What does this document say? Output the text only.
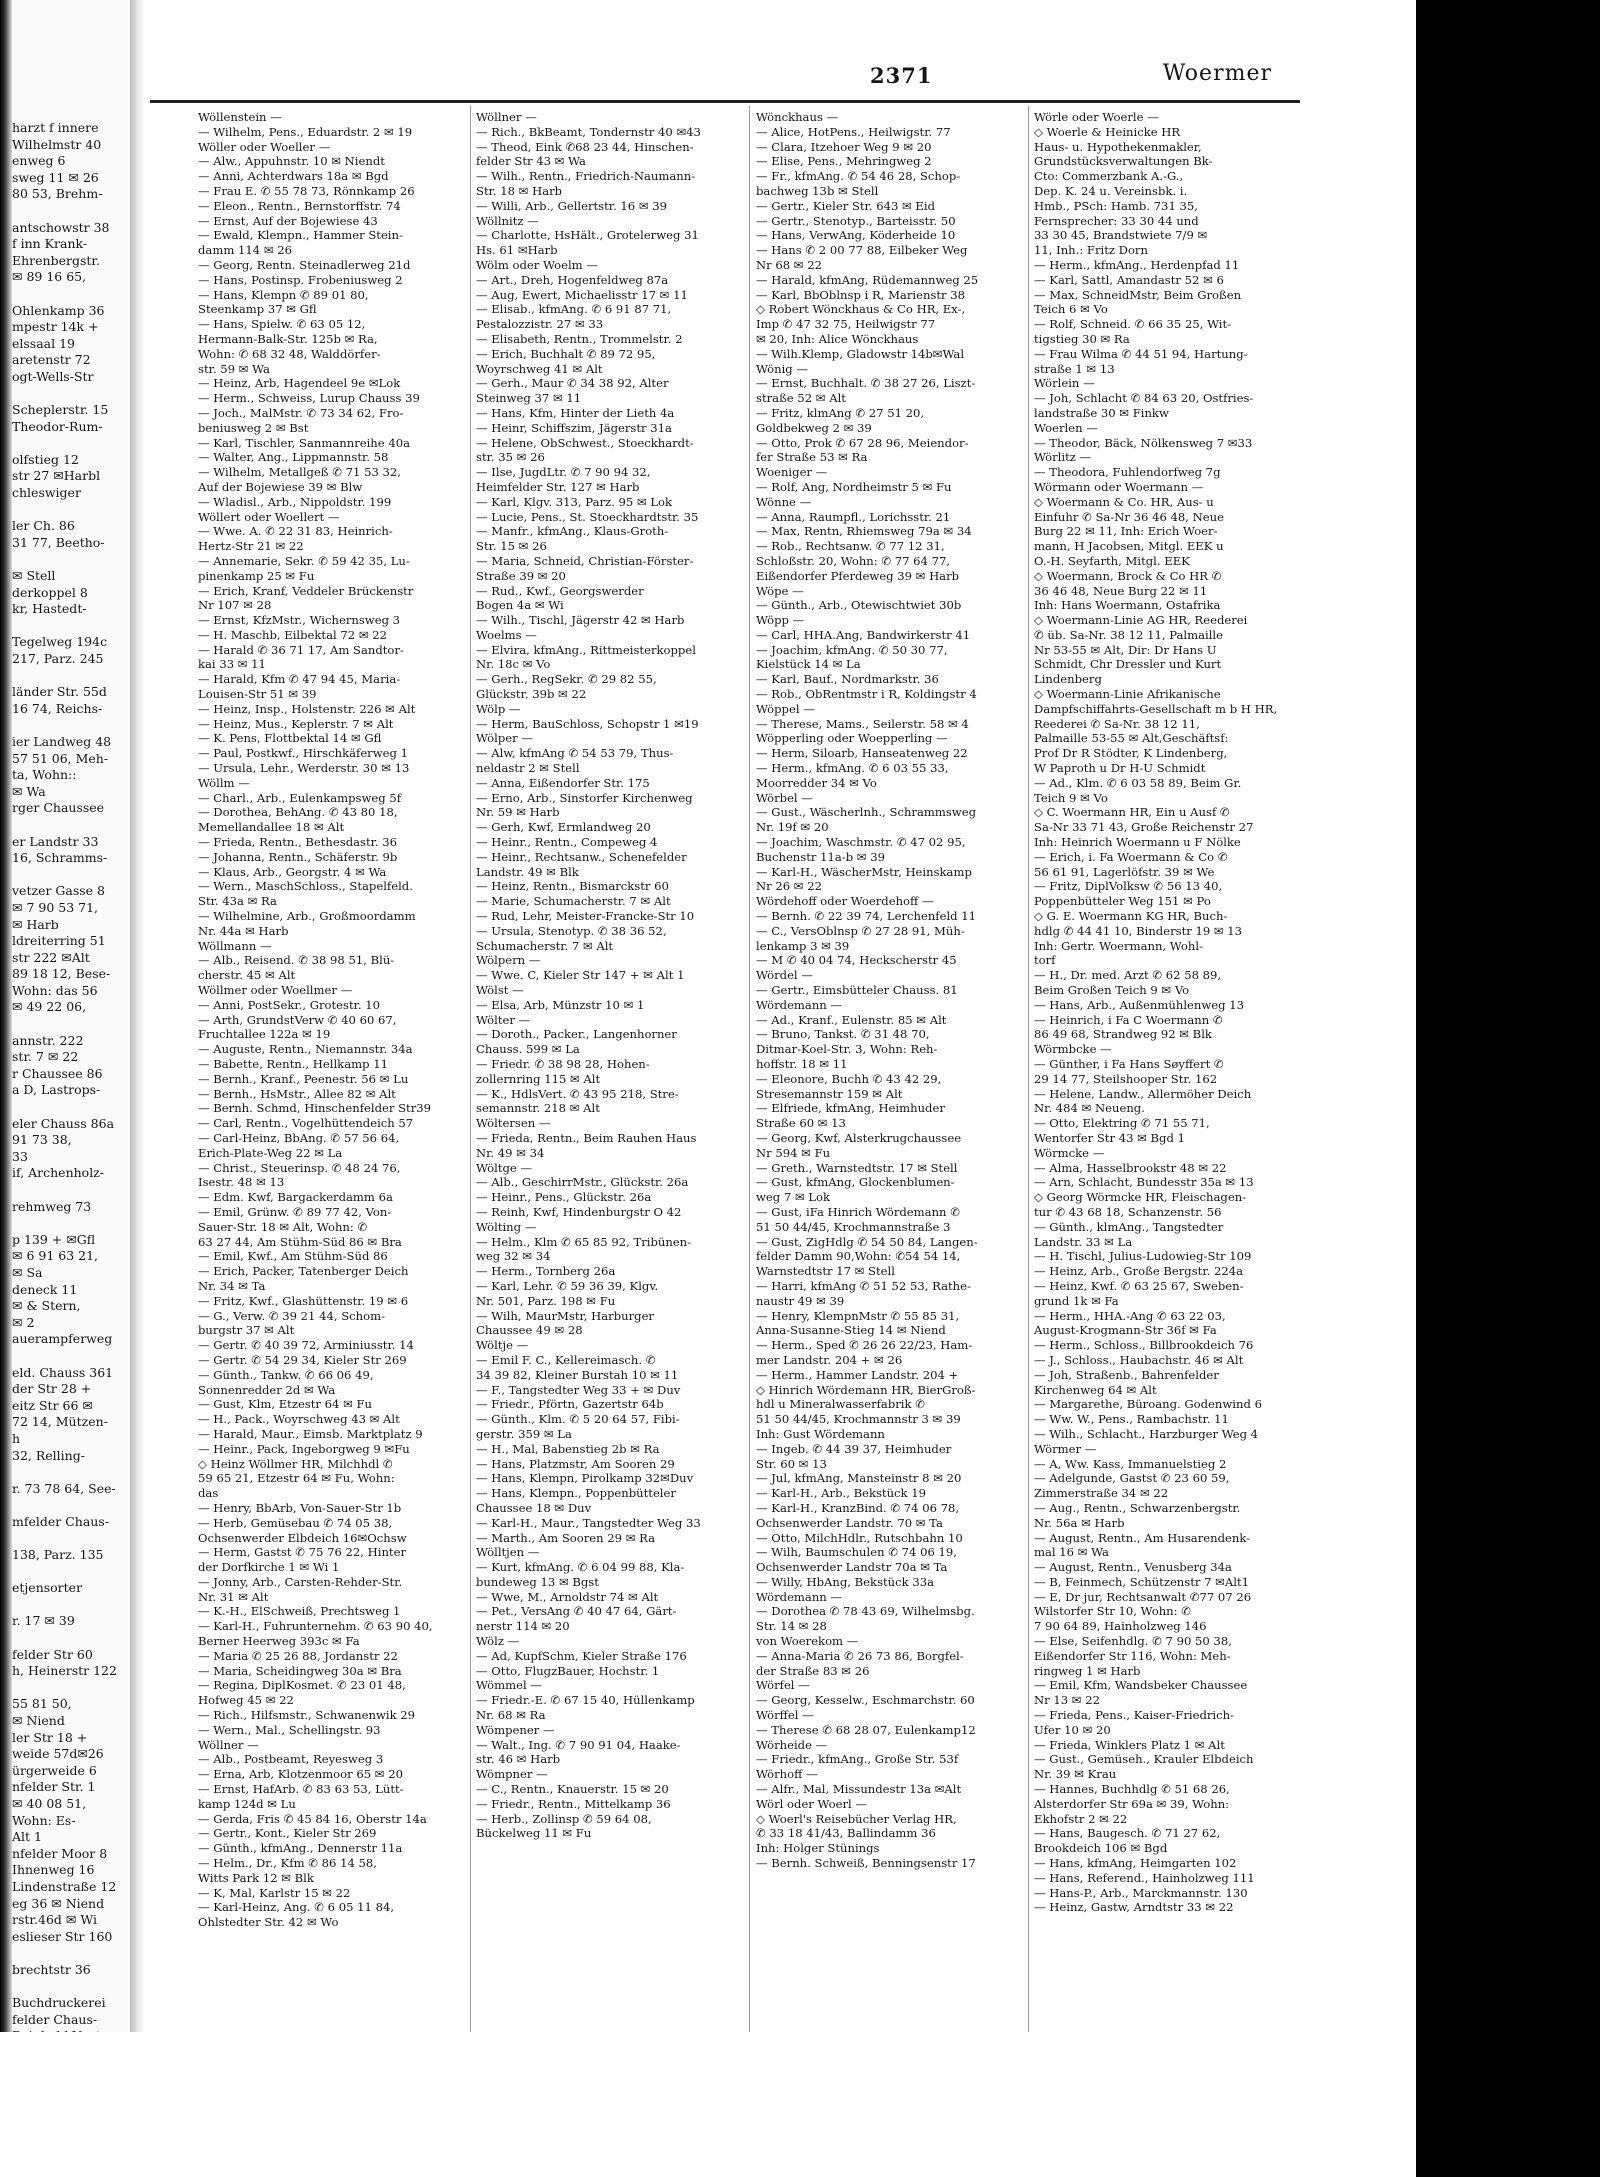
harzt f innere
Wilhelmstr 40
enweg 6
sweg 11 ✉ 26
80 53, Brehm-

antschowstr 38
f inn Krank-
Ehrenbergstr.
✉ 89 16 65,

Ohlenkamp 36
mpestr 14k +
elssaal 19
aretenstr 72
ogt-Wells-Str

Scheplerstr. 15
Theodor-Rum-

olfstieg 12
str 27 ✉Harbl
chleswiger

ler Ch. 86
31 77, Beetho-

✉ Stell
derkoppel 8
kr, Hastedt-

Tegelweg 194c
217, Parz. 245

länder Str. 55d
16 74, Reichs-

ier Landweg 48
57 51 06, Meh-
ta, Wohn::
✉ Wa
rger Chaussee

er Landstr 33
16, Schramms-

vetzer Gasse 8
✉ 7 90 53 71,
✉ Harb
ldreiterring 51
str 222 ✉Alt
89 18 12, Bese-
Wohn: das 56
✉ 49 22 06,

annstr. 222
str. 7 ✉ 22
r Chaussee 86
a D, Lastrops-

eler Chauss 86a
91 73 38,
33
if, Archenholz-

rehmweg 73

p 139 + ✉Gfl
✉ 6 91 63 21,
✉ Sa
deneck 11
✉ & Stern,
✉ 2
auerampferweg

eld. Chauss 361
der Str 28 +
eitz Str 66 ✉
72 14, Mützen-
h
32, Relling-

r. 73 78 64, See-

mfelder Chaus-

138, Parz. 135

etjensorter

r. 17 ✉ 39

felder Str 60
h, Heinerstr 122

55 81 50,
✉ Niend
ler Str 18 +
weide 57d✉26
ürgerweide 6
nfelder Str. 1
✉ 40 08 51,
Wohn: Es-
Alt 1
nfelder Moor 8
Ihnenweg 16
Lindenstraße 12
eg 36 ✉ Niend
rstr.46d ✉ Wi
eslieser Str 160

brechtstr 36

Buchdruckerei
felder Chaus-

2371	Woermer
Wöllenstein —
— Wilhelm, Pens., Eduardstr. 2 ✉ 19
Wöller oder Woeller —
— Alw., Appuhnstr. 10 ✉ Niendt
— Anni, Achterdwars 18a ✉ Bgd
— Frau E. ✆ 55 78 73, Rönnkamp 26
— Eleon., Rentn., Bernstorffstr. 74
— Ernst, Auf der Bojewiese 43
— Ewald, Klempn., Hammer Stein-
damm 114 ✉ 26
— Georg, Rentn. Steinadlerweg 21d
— Hans, Postinsp. Frobeniusweg 2
— Hans, Klempn ✆ 89 01 80,
Steenkamp 37 ✉ Gfl
— Hans, Spielw. ✆ 63 05 12,
Hermann-Balk-Str. 125b ✉ Ra,
Wohn: ✆ 68 32 48, Walddörfer-
str. 59 ✉ Wa
— Heinz, Arb, Hagendeel 9e ✉Lok
— Herm., Schweiss, Lurup Chauss 39
— Joch., MalMstr. ✆ 73 34 62, Fro-
beniusweg 2 ✉ Bst
— Karl, Tischler, Sanmannreihe 40a
— Walter, Ang., Lippmannstr. 58
— Wilhelm, Metallgeß ✆ 71 53 32,
Auf der Bojewiese 39 ✉ Blw
— Wladisl., Arb., Nippoldstr. 199
Wöllert oder Woellert —
— Wwe. A. ✆ 22 31 83, Heinrich-
Hertz-Str 21 ✉ 22
— Annemarie, Sekr. ✆ 59 42 35, Lu-
pinenkamp 25 ✉ Fu
— Erich, Kranf, Veddeler Brückenstr
Nr 107 ✉ 28
— Ernst, KfzMstr., Wichernsweg 3
— H. Maschb, Eilbektal 72 ✉ 22
— Harald ✆ 36 71 17, Am Sandtor-
kai 33 ✉ 11
— Harald, Kfm ✆ 47 94 45, Maria-
Louisen-Str 51 ✉ 39
— Heinz, Insp., Holstenstr. 226 ✉ Alt
— Heinz, Mus., Keplerstr. 7 ✉ Alt
— K. Pens, Flottbektal 14 ✉ Gfl
— Paul, Postkwf., Hirschkäferweg 1
— Ursula, Lehr., Werderstr. 30 ✉ 13
Wöllm —
— Charl., Arb., Eulenkampsweg 5f
— Dorothea, BehAng. ✆ 43 80 18,
Memellandallee 18 ✉ Alt
— Frieda, Rentn., Bethesdastr. 36
— Johanna, Rentn., Schäferstr. 9b
— Klaus, Arb., Georgstr. 4 ✉ Wa
— Wern., MaschSchloss., Stapelfeld.
Str. 43a ✉ Ra
— Wilhelmine, Arb., Großmoordamm
Nr. 44a ✉ Harb
Wöllmann —
— Alb., Reisend. ✆ 38 98 51, Blü-
cherstr. 45 ✉ Alt
Wöllmer oder Woellmer —
— Anni, PostSekr., Grotestr. 10
— Arth, GrundstVerw ✆ 40 60 67,
Fruchtallee 122a ✉ 19
— Auguste, Rentn., Niemannstr. 34a
— Babette, Rentn., Hellkamp 11
— Bernh., Kranf., Peenestr. 56 ✉ Lu
— Bernh., HsMstr., Allee 82 ✉ Alt
— Bernh. Schmd, Hinschenfelder Str39
— Carl, Rentn., Vogelhüttendeich 57
— Carl-Heinz, BbAng. ✆ 57 56 64,
Erich-Plate-Weg 22 ✉ La
— Christ., Steuerinsp. ✆ 48 24 76,
Isestr. 48 ✉ 13
— Edm. Kwf, Bargackerdamm 6a
— Emil, Grünw. ✆ 89 77 42, Von-
Sauer-Str. 18 ✉ Alt, Wohn: ✆
63 27 44, Am Stühm-Süd 86 ✉ Bra
— Emil, Kwf., Am Stühm-Süd 86
— Erich, Packer, Tatenberger Deich
Nr. 34 ✉ Ta
— Fritz, Kwf., Glashüttenstr. 19 ✉ 6
— G., Verw. ✆ 39 21 44, Schom-
burgstr 37 ✉ Alt
— Gertr. ✆ 40 39 72, Arminiusstr. 14
— Gertr. ✆ 54 29 34, Kieler Str 269
— Günth., Tankw. ✆ 66 06 49,
Sonnenredder 2d ✉ Wa
— Gust, Klm, Etzestr 64 ✉ Fu
— H., Pack., Woyrschweg 43 ✉ Alt
— Harald, Maur., Eimsb. Marktplatz 9
— Heinr., Pack, Ingeborgweg 9 ✉Fu
◇ Heinz Wöllmer HR, Milchhdl ✆
59 65 21, Etzestr 64 ✉ Fu, Wohn:
das
— Henry, BbArb, Von-Sauer-Str 1b
— Herb, Gemüsebau ✆ 74 05 38,
Ochsenwerder Elbdeich 16✉Ochsw
— Herm, Gastst ✆ 75 76 22, Hinter
der Dorfkirche 1 ✉ Wi 1
— Jonny, Arb., Carsten-Rehder-Str.
Nr. 31 ✉ Alt
— K.-H., ElSchweiß, Prechtsweg 1
— Karl-H., Fuhrunternehm. ✆ 63 90 40,
Berner Heerweg 393c ✉ Fa
— Maria ✆ 25 26 88, Jordanstr 22
— Maria, Scheidingweg 30a ✉ Bra
— Regina, DiplKosmet. ✆ 23 01 48,
Hofweg 45 ✉ 22
— Rich., Hilfsmstr., Schwanenwik 29
— Wern., Mal., Schellingstr. 93
Wöllner —
— Alb., Postbeamt, Reyesweg 3
— Erna, Arb, Klotzenmoor 65 ✉ 20
— Ernst, HafArb. ✆ 83 63 53, Lütt-
kamp 124d ✉ Lu
— Gerda, Fris ✆ 45 84 16, Oberstr 14a
— Gertr., Kont., Kieler Str 269
— Günth., kfmAng., Dennerstr 11a
— Helm., Dr., Kfm ✆ 86 14 58,
Witts Park 12 ✉ Blk
— K, Mal, Karlstr 15 ✉ 22
— Karl-Heinz, Ang. ✆ 6 05 11 84,
Ohlstedter Str. 42 ✉ Wo
Wöllner —
— Rich., BkBeamt, Tondernstr 40 ✉43
— Theod, Eink ✆68 23 44, Hinschen-
felder Str 43 ✉ Wa
— Wilh., Rentn., Friedrich-Naumann-
Str. 18 ✉ Harb
— Willi, Arb., Gellertstr. 16 ✉ 39
Wöllnitz —
— Charlotte, HsHält., Grotelerweg 31
Hs. 61 ✉Harb
Wölm oder Woelm —
— Art., Dreh, Hogenfeldweg 87a
— Aug, Ewert, Michaelisstr 17 ✉ 11
— Elisab., kfmAng. ✆ 6 91 87 71,
Pestalozzistr. 27 ✉ 33
— Elisabeth, Rentn., Trommelstr. 2
— Erich, Buchhalt ✆ 89 72 95,
Woyrschweg 41 ✉ Alt
— Gerh., Maur ✆ 34 38 92, Alter
Steinweg 37 ✉ 11
— Hans, Kfm, Hinter der Lieth 4a
— Heinr, Schiffszim, Jägerstr 31a
— Helene, ObSchwest., Stoeckhardt-
str. 35 ✉ 26
— Ilse, JugdLtr. ✆ 7 90 94 32,
Heimfelder Str. 127 ✉ Harb
— Karl, Klgv. 313, Parz. 95 ✉ Lok
— Lucie, Pens., St. Stoeckhardtstr. 35
— Manfr., kfmAng., Klaus-Groth-
Str. 15 ✉ 26
— Maria, Schneid, Christian-Förster-
Straße 39 ✉ 20
— Rud., Kwf., Georgswerder
Bogen 4a ✉ Wi
— Wilh., Tischl, Jägerstr 42 ✉ Harb
Woelms —
— Elvira, kfmAng., Rittmeisterkoppel
Nr. 18c ✉ Vo
— Gerh., RegSekr. ✆ 29 82 55,
Glückstr. 39b ✉ 22
Wölp —
— Herm, BauSchloss, Schopstr 1 ✉19
Wölper —
— Alw, kfmAng ✆ 54 53 79, Thus-
neldastr 2 ✉ Stell
— Anna, Eißendorfer Str. 175
— Erno, Arb., Sinstorfer Kirchenweg
Nr. 59 ✉ Harb
— Gerh, Kwf, Ermlandweg 20
— Heinr., Rentn., Compeweg 4
— Heinr., Rechtsanw., Schenefelder
Landstr. 49 ✉ Blk
— Heinz, Rentn., Bismarckstr 60
— Marie, Schumacherstr. 7 ✉ Alt
— Rud, Lehr, Meister-Francke-Str 10
— Ursula, Stenotyp. ✆ 38 36 52,
Schumacherstr. 7 ✉ Alt
Wölpern —
— Wwe. C, Kieler Str 147 + ✉ Alt 1
Wölst —
— Elsa, Arb, Münzstr 10 ✉ 1
Wölter —
— Doroth., Packer., Langenhorner
Chauss. 599 ✉ La
— Friedr. ✆ 38 98 28, Hohen-
zollernring 115 ✉ Alt
— K., HdlsVert. ✆ 43 95 218, Stre-
semannstr. 218 ✉ Alt
Wöltersen —
— Frieda, Rentn., Beim Rauhen Haus
Nr. 49 ✉ 34
Wöltge —
— Alb., GeschirrMstr., Glückstr. 26a
— Heinr., Pens., Glückstr. 26a
— Reinh, Kwf, Hindenburgstr O 42
Wölting —
— Helm., Klm ✆ 65 85 92, Tribünen-
weg 32 ✉ 34
— Herm., Tornberg 26a
— Karl, Lehr. ✆ 59 36 39, Klgv.
Nr. 501, Parz. 198 ✉ Fu
— Wilh, MaurMstr, Harburger
Chaussee 49 ✉ 28
Wöltje —
— Emil F. C., Kellereimasch. ✆
34 39 82, Kleiner Burstah 10 ✉ 11
— F., Tangstedter Weg 33 + ✉ Duv
— Friedr., Pförtn, Gazertstr 64b
— Günth., Klm. ✆ 5 20 64 57, Fibi-
gerstr. 359 ✉ La
— H., Mal, Babenstieg 2b ✉ Ra
— Hans, Platzmstr, Am Sooren 29
— Hans, Klempn, Pirolkamp 32✉Duv
— Hans, Klempn., Poppenbütteler
Chaussee 18 ✉ Duv
— Karl-H., Maur., Tangstedter Weg 33
— Marth., Am Sooren 29 ✉ Ra
Wölltjen —
— Kurt, kfmAng. ✆ 6 04 99 88, Kla-
bundeweg 13 ✉ Bgst
— Wwe, M., Arnoldstr 74 ✉ Alt
— Pet., VersAng ✆ 40 47 64, Gärt-
nerstr 114 ✉ 20
Wölz —
— Ad, KupfSchm, Kieler Straße 176
— Otto, FlugzBauer, Hochstr. 1
Wömmel —
— Friedr.-E. ✆ 67 15 40, Hüllenkamp
Nr. 68 ✉ Ra
Wömpener —
— Walt., Ing. ✆ 7 90 91 04, Haake-
str. 46 ✉ Harb
Wömpner —
— C., Rentn., Knauerstr. 15 ✉ 20
— Friedr., Rentn., Mittelkamp 36
— Herb., Zollinsp ✆ 59 64 08,
Bückelweg 11 ✉ Fu
Wönckhaus —
— Alice, HotPens., Heilwigstr. 77
— Clara, Itzehoer Weg 9 ✉ 20
— Elise, Pens., Mehringweg 2
— Fr., kfmAng. ✆ 54 46 28, Schop-
bachweg 13b ✉ Stell
— Gertr., Kieler Str. 643 ✉ Eid
— Gertr., Stenotyp., Barteisstr. 50
— Hans, VerwAng, Köderheide 10
— Hans ✆ 2 00 77 88, Eilbeker Weg
Nr 68 ✉ 22
— Harald, kfmAng, Rüdemannweg 25
— Karl, BbOblnsp i R, Marienstr 38
◇ Robert Wönckhaus & Co HR, Ex-,
Imp ✆ 47 32 75, Heilwigstr 77
✉ 20, Inh: Alice Wönckhaus
— Wilh.Klemp, Gladowstr 14b✉Wal
Wönig —
— Ernst, Buchhalt. ✆ 38 27 26, Liszt-
straße 52 ✉ Alt
— Fritz, klmAng ✆ 27 51 20,
Goldbekweg 2 ✉ 39
— Otto, Prok ✆ 67 28 96, Meiendor-
fer Straße 53 ✉ Ra
Woeniger —
— Rolf, Ang, Nordheimstr 5 ✉ Fu
Wönne —
— Anna, Raumpfl., Lorichsstr. 21
— Max, Rentn, Rhiemsweg 79a ✉ 34
— Rob., Rechtsanw. ✆ 77 12 31,
Schloßstr. 20, Wohn: ✆ 77 64 77,
Eißendorfer Pferdeweg 39 ✉ Harb
Wöpe —
— Günth., Arb., Otewischtwiet 30b
Wöpp —
— Carl, HHA.Ang, Bandwirkerstr 41
— Joachim, kfmAng. ✆ 50 30 77,
Kielstück 14 ✉ La
— Karl, Bauf., Nordmarkstr. 36
— Rob., ObRentmstr i R, Koldingstr 4
Wöppel —
— Therese, Mams., Seilerstr. 58 ✉ 4
Wöpperling oder Woepperling —
— Herm, Siloarb, Hanseatenweg 22
— Herm., kfmAng. ✆ 6 03 55 33,
Moorredder 34 ✉ Vo
Wörbel —
— Gust., Wäscherlnh., Schrammsweg
Nr. 19f ✉ 20
— Joachim, Waschmstr. ✆ 47 02 95,
Buchenstr 11a-b ✉ 39
— Karl-H., WäscherMstr, Heinskamp
Nr 26 ✉ 22
Wördehoff oder Woerdehoff —
— Bernh. ✆ 22 39 74, Lerchenfeld 11
— C., VersOblnsp ✆ 27 28 91, Müh-
lenkamp 3 ✉ 39
— M ✆ 40 04 74, Heckscherstr 45
Wördel —
— Gertr., Eimsbütteler Chauss. 81
Wördemann —
— Ad., Kranf., Eulenstr. 85 ✉ Alt
— Bruno, Tankst. ✆ 31 48 70,
Ditmar-Koel-Str. 3, Wohn: Reh-
hoffstr. 18 ✉ 11
— Eleonore, Buchh ✆ 43 42 29,
Stresemannstr 159 ✉ Alt
— Elfriede, kfmAng, Heimhuder
Straße 60 ✉ 13
— Georg, Kwf, Alsterkrugchaussee
Nr 594 ✉ Fu
— Greth., Warnstedtstr. 17 ✉ Stell
— Gust, kfmAng, Glockenblumen-
weg 7 ✉ Lok
— Gust, iFa Hinrich Wördemann ✆
51 50 44/45, Krochmannstraße 3
— Gust, ZigHdlg ✆ 54 50 84, Langen-
felder Damm 90,Wohn: ✆54 54 14,
Warnstedtstr 17 ✉ Stell
— Harri, kfmAng ✆ 51 52 53, Rathe-
naustr 49 ✉ 39
— Henry, KlempnMstr ✆ 55 85 31,
Anna-Susanne-Stieg 14 ✉ Niend
— Herm., Sped ✆ 26 26 22/23, Ham-
mer Landstr. 204 + ✉ 26
— Herm., Hammer Landstr. 204 +
◇ Hinrich Wördemann HR, BierGroß-
hdl u Mineralwasserfabrik ✆
51 50 44/45, Krochmannstr 3 ✉ 39
Inh: Gust Wördemann
— Ingeb. ✆ 44 39 37, Heimhuder
Str. 60 ✉ 13
— Jul, kfmAng, Mansteinstr 8 ✉ 20
— Karl-H., Arb., Bekstück 19
— Karl-H., KranzBind. ✆ 74 06 78,
Ochsenwerder Landstr. 70 ✉ Ta
— Otto, MilchHdlr., Rutschbahn 10
— Wilh, Baumschulen ✆ 74 06 19,
Ochsenwerder Landstr 70a ✉ Ta
— Willy, HbAng, Bekstück 33a
Wördemann —
— Dorothea ✆ 78 43 69, Wilhelmsbg.
Str. 14 ✉ 28
von Woerekom —
— Anna-Maria ✆ 26 73 86, Borgfel-
der Straße 83 ✉ 26
Wörfel —
— Georg, Kesselw., Eschmarchstr. 60
Wörffel —
— Therese ✆ 68 28 07, Eulenkamp12
Wörheide —
— Friedr., kfmAng., Große Str. 53f
Wörhoff —
— Alfr., Mal, Missundestr 13a ✉Alt
Wörl oder Woerl —
◇ Woerl's Reisebücher Verlag HR,
✆ 33 18 41/43, Ballindamm 36
Inh: Holger Stünings
— Bernh. Schweiß, Benningsenstr 17
Wörle oder Woerle —
◇ Woerle & Heinicke HR
Haus- u. Hypothekenmakler,
Grundstücksverwaltungen Bk-
Cto: Commerzbank A.-G.,
Dep. K. 24 u. Vereinsbk. i.
Hmb., PSch: Hamb. 731 35,
Fernsprecher: 33 30 44 und
33 30 45, Brandstwiete 7/9 ✉
11, Inh.: Fritz Dorn
— Herm., kfmAng., Herdenpfad 11
— Karl, Sattl, Amandastr 52 ✉ 6
— Max, SchneidMstr, Beim Großen
Teich 6 ✉ Vo
— Rolf, Schneid. ✆ 66 35 25, Wit-
tigstieg 30 ✉ Ra
— Frau Wilma ✆ 44 51 94, Hartung-
straße 1 ✉ 13
Wörlein —
— Joh, Schlacht ✆ 84 63 20, Ostfries-
landstraße 30 ✉ Finkw
Woerlen —
— Theodor, Bäck, Nölkensweg 7 ✉33
Wörlitz —
— Theodora, Fuhlendorfweg 7g
Wörmann oder Woermann —
◇ Woermann & Co. HR, Aus- u
Einfuhr ✆ Sa-Nr 36 46 48, Neue
Burg 22 ✉ 11, Inh: Erich Woer-
mann, H Jacobsen, Mitgl. EEK u
O.-H. Seyfarth, Mitgl. EEK
◇ Woermann, Brock & Co HR ✆
36 46 48, Neue Burg 22 ✉ 11
Inh: Hans Woermann, Ostafrika
◇ Woermann-Linie AG HR, Reederei
✆ üb. Sa-Nr. 38 12 11, Palmaille
Nr 53-55 ✉ Alt, Dir: Dr Hans U
Schmidt, Chr Dressler und Kurt
Lindenberg
◇ Woermann-Linie Afrikanische
Dampfschiffahrts-Gesellschaft m b H HR,
Reederei ✆ Sa-Nr. 38 12 11,
Palmaille 53-55 ✉ Alt,Geschäftsf:
Prof Dr R Stödter, K Lindenberg,
W Paproth u Dr H-U Schmidt
— Ad., Klm. ✆ 6 03 58 89, Beim Gr.
Teich 9 ✉ Vo
◇ C. Woermann HR, Ein u Ausf ✆
Sa-Nr 33 71 43, Große Reichenstr 27
Inh: Heinrich Woermann u F Nölke
— Erich, i. Fa Woermann & Co ✆
56 61 91, Lagerlöfstr. 39 ✉ We
— Fritz, DiplVolksw ✆ 56 13 40,
Poppenbütteler Weg 151 ✉ Po
◇ G. E. Woermann KG HR, Buch-
hdlg ✆ 44 41 10, Binderstr 19 ✉ 13
Inh: Gertr. Woermann, Wohl-
torf
— H., Dr. med. Arzt ✆ 62 58 89,
Beim Großen Teich 9 ✉ Vo
— Hans, Arb., Außenmühlenweg 13
— Heinrich, i Fa C Woermann ✆
86 49 68, Strandweg 92 ✉ Blk
Wörmbcke —
— Günther, i Fa Hans Søyffert ✆
29 14 77, Steilshooper Str. 162
— Helene, Landw., Allermöher Deich
Nr. 484 ✉ Neueng.
— Otto, Elektring ✆ 71 55 71,
Wentorfer Str 43 ✉ Bgd 1
Wörmcke —
— Alma, Hasselbrookstr 48 ✉ 22
— Arn, Schlacht, Bundesstr 35a ✉ 13
◇ Georg Wörmcke HR, Fleischagen-
tur ✆ 43 68 18, Schanzenstr. 56
— Günth., klmAng., Tangstedter
Landstr. 33 ✉ La
— H. Tischl, Julius-Ludowieg-Str 109
— Heinz, Arb., Große Bergstr. 224a
— Heinz, Kwf. ✆ 63 25 67, Sweben-
grund 1k ✉ Fa
— Herm., HHA.-Ang ✆ 63 22 03,
August-Krogmann-Str 36f ✉ Fa
— Herm., Schloss., Billbrookdeich 76
— J., Schloss., Haubachstr. 46 ✉ Alt
— Joh, Straßenb., Bahrenfelder
Kirchenweg 64 ✉ Alt
— Margarethe, Büroang. Godenwind 6
— Ww. W., Pens., Rambachstr. 11
— Wilh., Schlacht., Harzburger Weg 4
Wörmer —
— A, Ww. Kass, Immanuelstieg 2
— Adelgunde, Gastst ✆ 23 60 59,
Zimmerstraße 34 ✉ 22
— Aug., Rentn., Schwarzenbergstr.
Nr. 56a ✉ Harb
— August, Rentn., Am Husarendenk-
mal 16 ✉ Wa
— August, Rentn., Venusberg 34a
— B, Feinmech, Schützenstr 7 ✉Alt1
— E, Dr jur, Rechtsanwalt ✆77 07 26
Wilstorfer Str 10, Wohn: ✆
7 90 64 89, Hainholzweg 146
— Else, Seifenhdlg. ✆ 7 90 50 38,
Eißendorfer Str 116, Wohn: Meh-
ringweg 1 ✉ Harb
— Emil, Kfm, Wandsbeker Chaussee
Nr 13 ✉ 22
— Frieda, Pens., Kaiser-Friedrich-
Ufer 10 ✉ 20
— Frieda, Winklers Platz 1 ✉ Alt
— Gust., Gemüseh., Krauler Elbdeich
Nr. 39 ✉ Krau
— Hannes, Buchhdlg ✆ 51 68 26,
Alsterdorfer Str 69a ✉ 39, Wohn:
Ekhofstr 2 ✉ 22
— Hans, Baugesch. ✆ 71 27 62,
Brookdeich 106 ✉ Bgd
— Hans, kfmAng, Heimgarten 102
— Hans, Referend., Hainholzweg 111
— Hans-P., Arb., Marckmannstr. 130
— Heinz, Gastw, Arndtstr 33 ✉ 22
